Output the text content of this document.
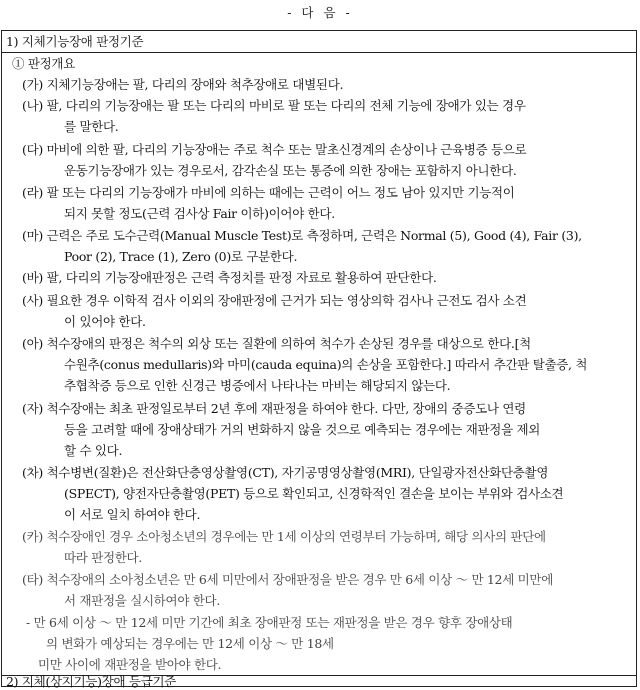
- 다 음 -
1) 지체기능장애 판정기준
① 판정개요
(가) 지체기능장애는 팔, 다리의 장애와 척추장애로 대별된다.
(나) 팔, 다리의 기능장애는 팔 또는 다리의 마비로 팔 또는 다리의 전체 기능에 장애가 있는 경우
를 말한다.
(다) 마비에 의한 팔, 다리의 기능장애는 주로 척수 또는 말초신경계의 손상이나 근육병증 등으로
운동기능장애가 있는 경우로서, 감각손실 또는 통증에 의한 장애는 포함하지 아니한다.
(라) 팔 또는 다리의 기능장애가 마비에 의하는 때에는 근력이 어느 정도 남아 있지만 기능적이
되지 못할 정도(근력 검사상 Fair 이하)이어야 한다.
(마) 근력은 주로 도수근력(Manual Muscle Test)로 측정하며, 근력은 Normal (5), Good (4), Fair (3),
Poor (2), Trace (1), Zero (0)로 구분한다.
(바) 팔, 다리의 기능장애판정은 근력 측정치를 판정 자료로 활용하여 판단한다.
(사) 필요한 경우 이학적 검사 이외의 장애판정에 근거가 되는 영상의학 검사나 근전도 검사 소견
이 있어야 한다.
(아) 척수장애의 판정은 척수의 외상 또는 질환에 의하여 척수가 손상된 경우를 대상으로 한다.[척
수원추(conus medullaris)와 마미(cauda equina)의 손상을 포함한다.] 따라서 추간판 탈출증, 척
추협착증 등으로 인한 신경근 병증에서 나타나는 마비는 해당되지 않는다.
(자) 척수장애는 최초 판정일로부터 2년 후에 재판정을 하여야 한다. 다만, 장애의 중증도나 연령
등을 고려할 때에 장애상태가 거의 변화하지 않을 것으로 예측되는 경우에는 재판정을 제외
할 수 있다.
(차) 척수병변(질환)은 전산화단층영상촬영(CT), 자기공명영상촬영(MRI), 단일광자전산화단층촬영
(SPECT), 양전자단층촬영(PET) 등으로 확인되고, 신경학적인 결손을 보이는 부위와 검사소견
이 서로 일치 하여야 한다.
(카) 척수장애인 경우 소아청소년의 경우에는 만 1세 이상의 연령부터 가능하며, 해당 의사의 판단에
따라 판정한다.
(타) 척수장애의 소아청소년은 만 6세 미만에서 장애판정을 받은 경우 만 6세 이상 ～ 만 12세 미만에
서 재판정을 실시하여야 한다.
- 만 6세 이상 ～ 만 12세 미만 기간에 최초 장애판정 또는 재판정을 받은 경우 향후 장애상태
의 변화가 예상되는 경우에는 만 12세 이상 ～ 만 18세
미만 사이에 재판정을 받아야 한다.
2) 지체(상지기능)장애 등급기준
